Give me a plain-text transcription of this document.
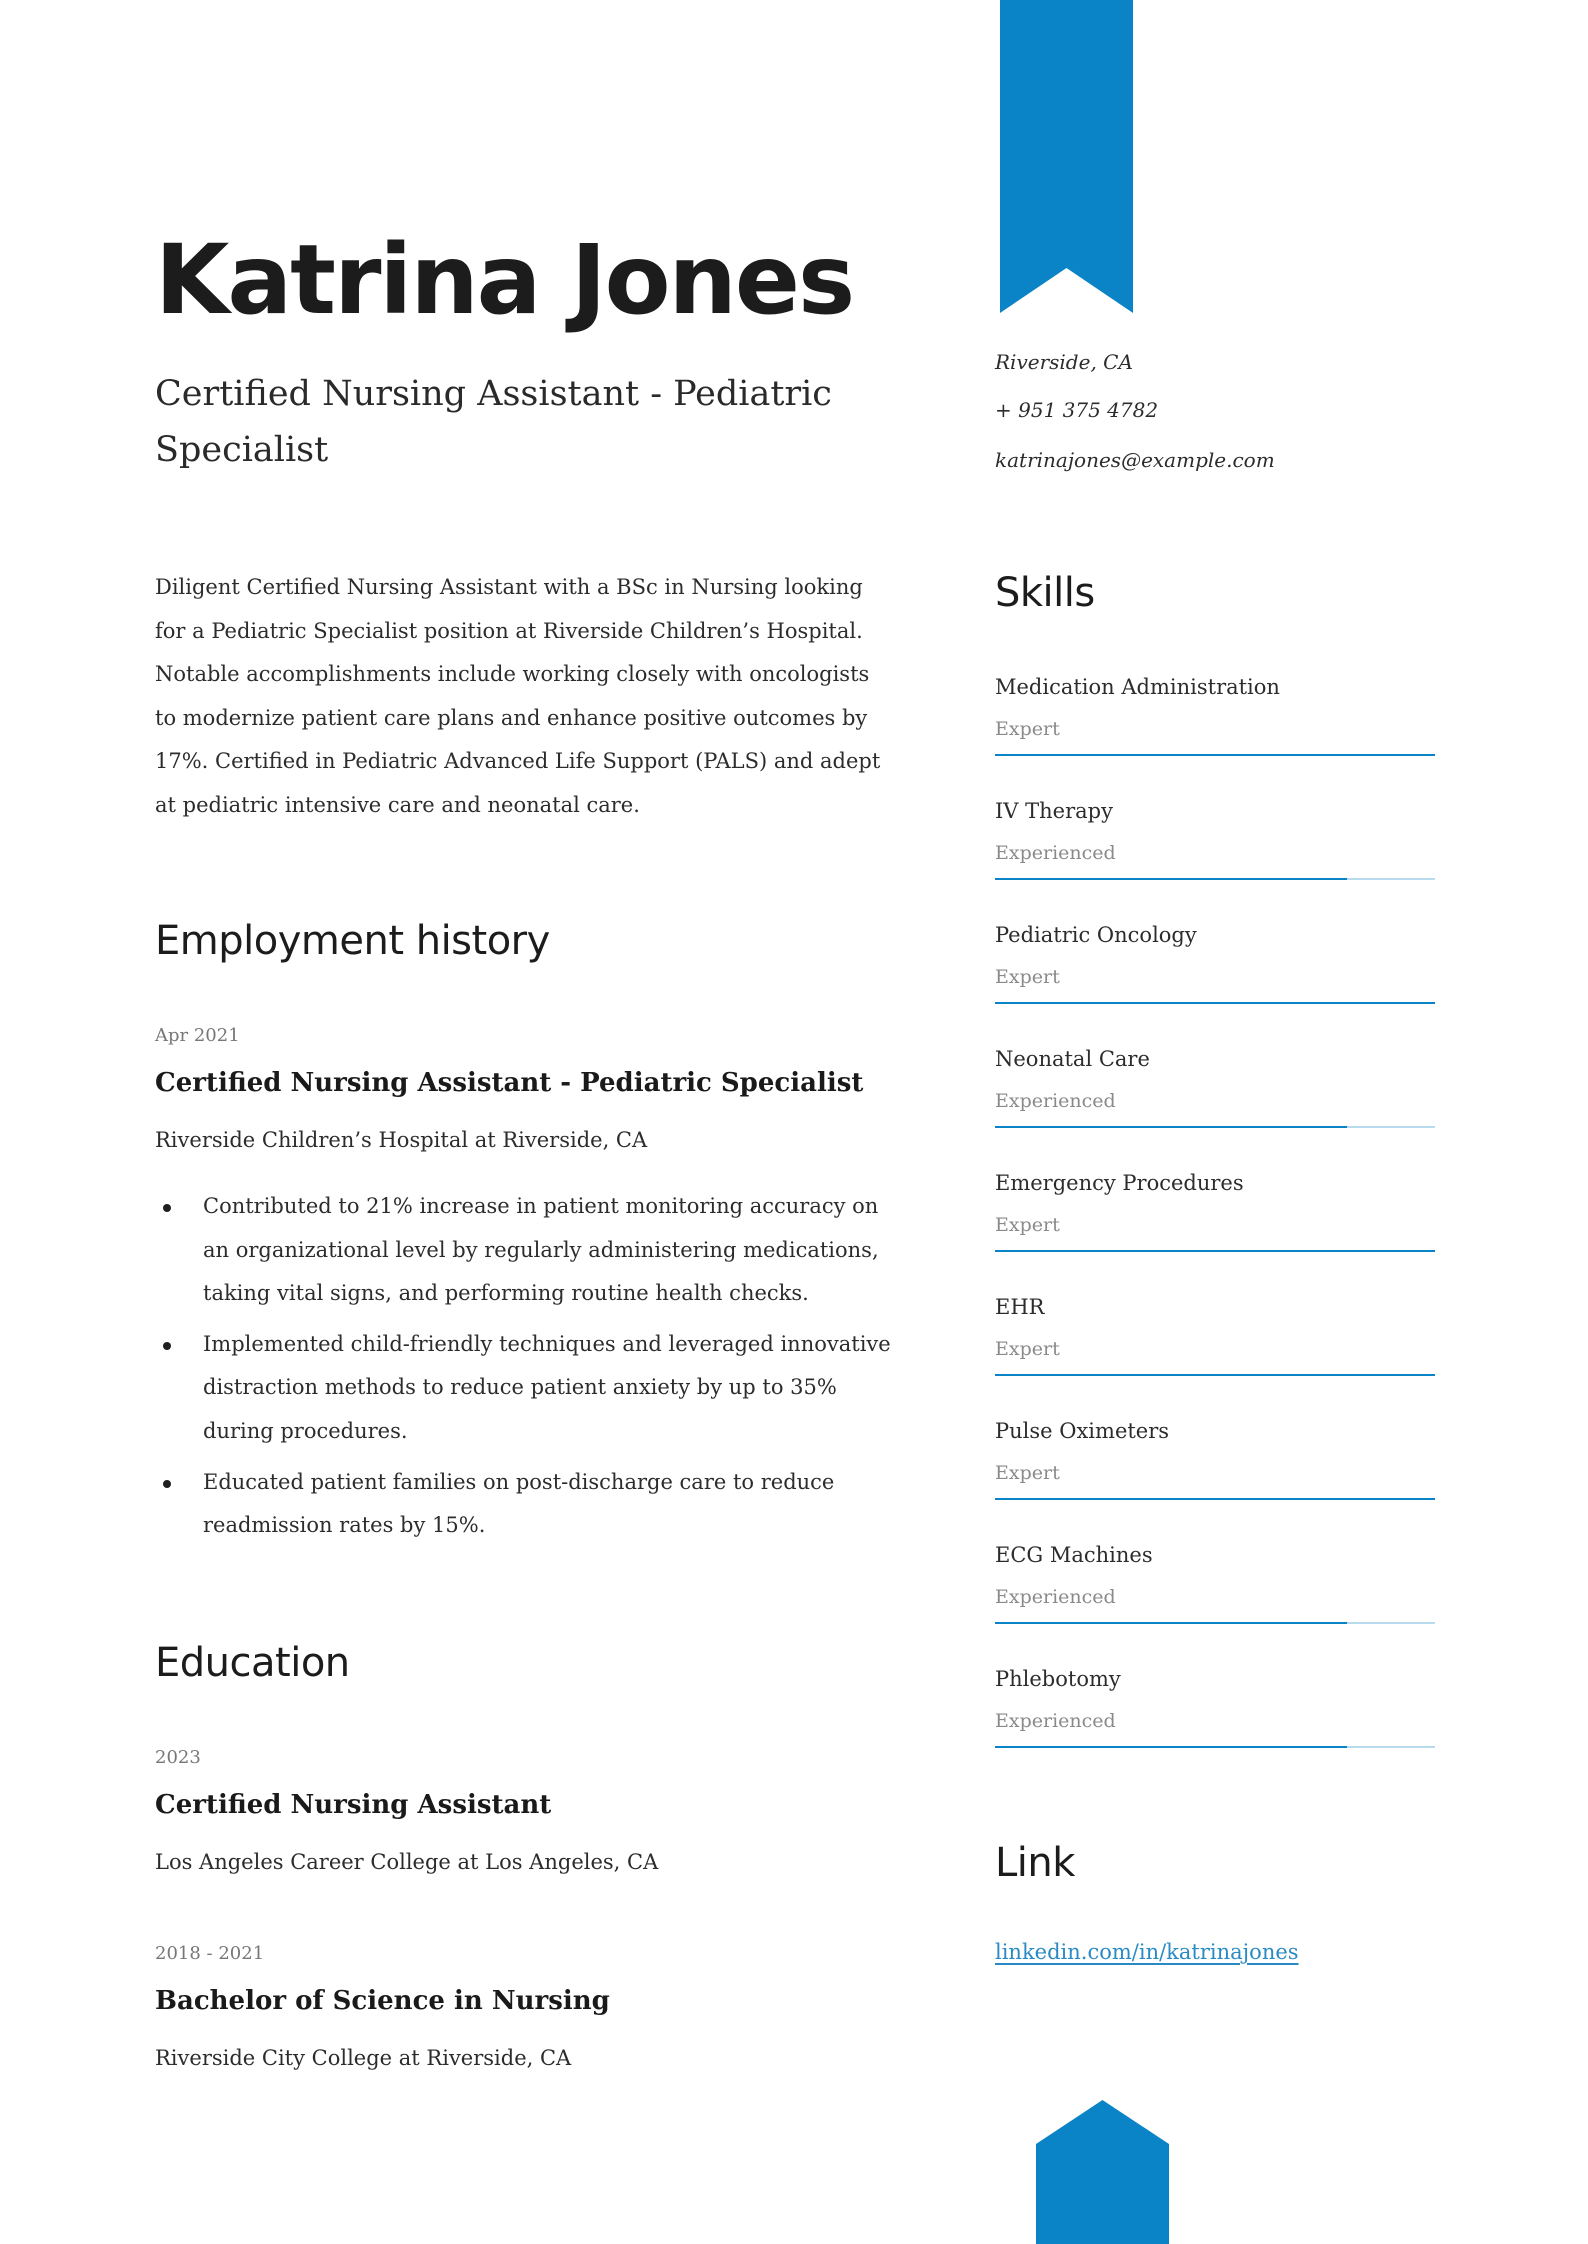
Katrina Jones
Certified Nursing Assistant - Pediatric Specialist

Diligent Certified Nursing Assistant with a BSc in Nursing looking for a Pediatric Specialist position at Riverside Children’s Hospital. Notable accomplishments include working closely with oncologists to modernize patient care plans and enhance positive outcomes by 17%. Certified in Pediatric Advanced Life Support (PALS) and adept at pediatric intensive care and neonatal care.

Employment history

Apr 2021

Certified Nursing Assistant - Pediatric Specialist

Riverside Children’s Hospital at Riverside, CA

Contributed to 21% increase in patient monitoring accuracy on an organizational level by regularly administering medications, taking vital signs, and performing routine health checks.
Implemented child-friendly techniques and leveraged innovative distraction methods to reduce patient anxiety by up to 35% during procedures.
Educated patient families on post-discharge care to reduce readmission rates by 15%.
Education

2023

Certified Nursing Assistant

Los Angeles Career College at Los Angeles, CA

2018 - 2021

Bachelor of Science in Nursing

Riverside City College at Riverside, CA

Riverside, CA

+ 951 375 4782

katrinajones@example.com

Skills

Medication Administration

Expert

IV Therapy

Experienced

Pediatric Oncology

Expert

Neonatal Care

Experienced

Emergency Procedures

Expert

EHR

Expert

Pulse Oximeters

Expert

ECG Machines

Experienced

Phlebotomy

Experienced

Link
linkedin.com/in/katrinajones
